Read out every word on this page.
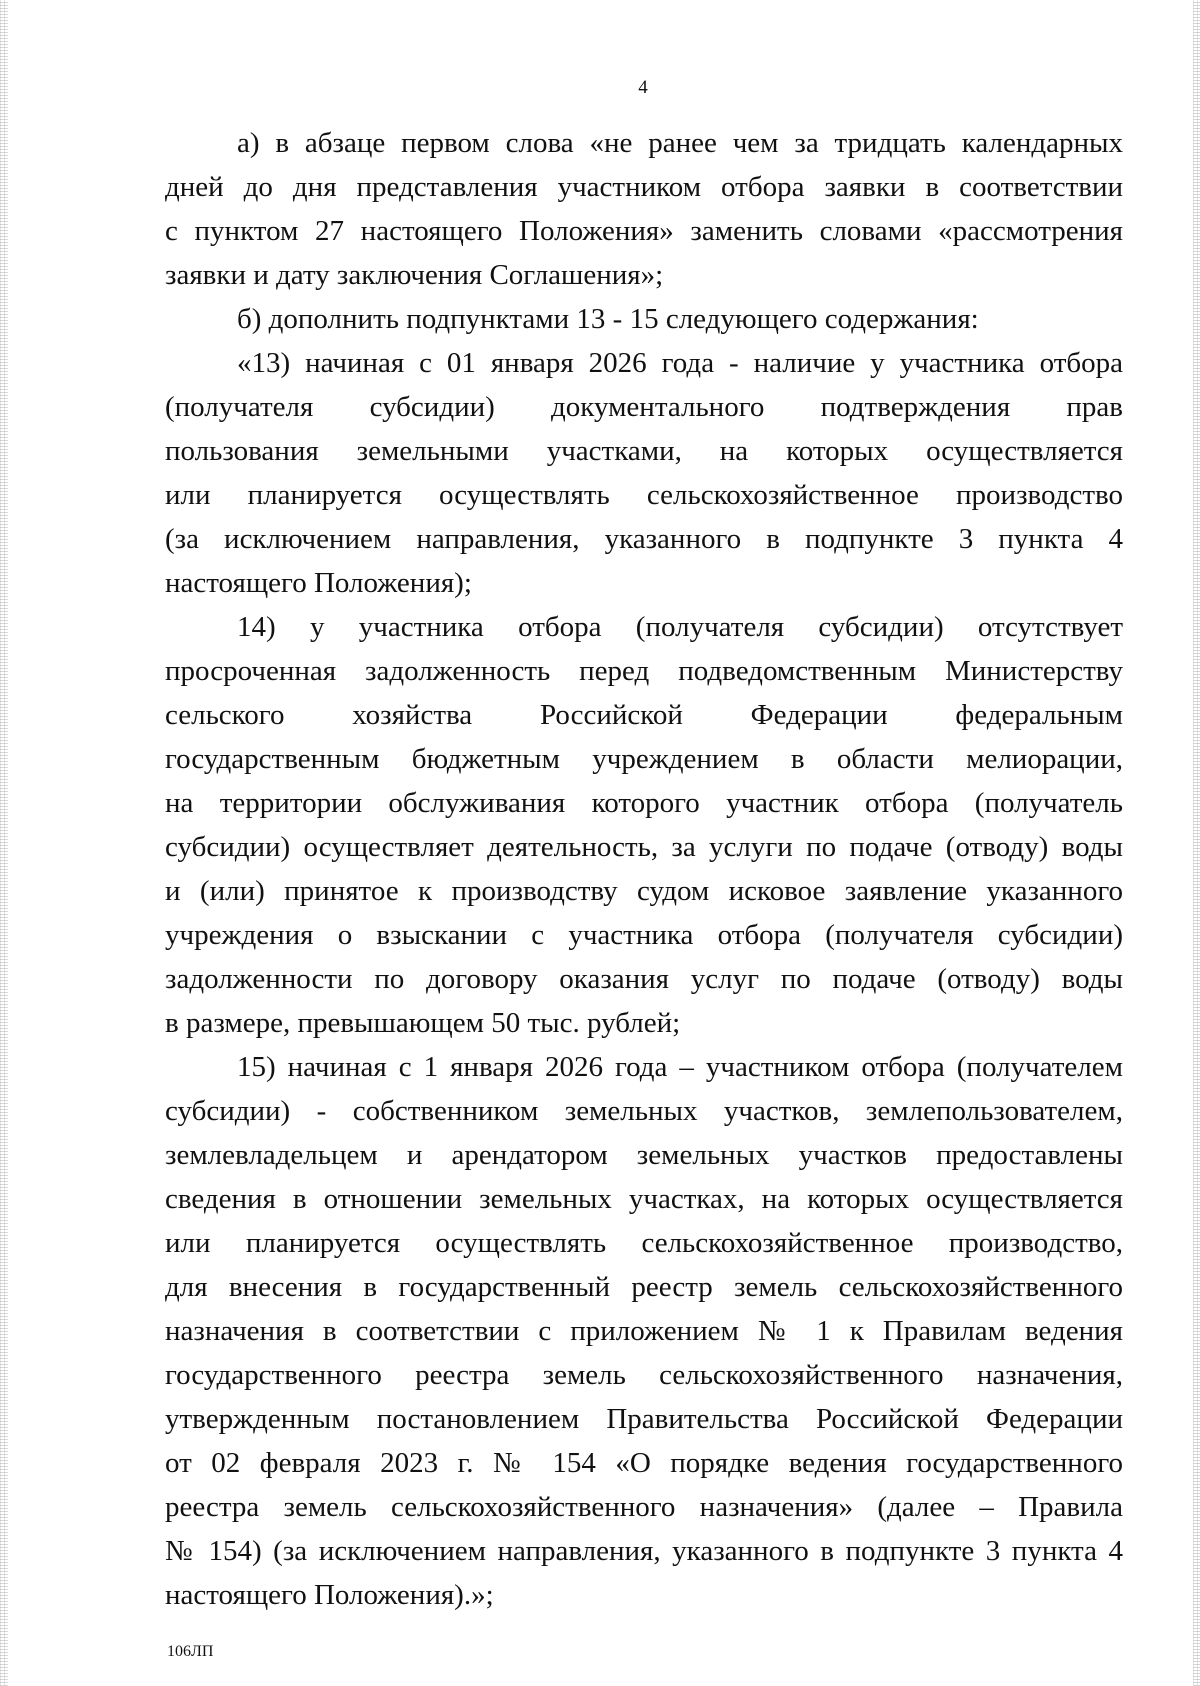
4
а) в абзаце первом слова «не ранее чем за тридцать календарных
дней до дня представления участником отбора заявки в соответствии
с пунктом 27 настоящего Положения» заменить словами «рассмотрения
заявки и дату заключения Соглашения»;
б) дополнить подпунктами 13 - 15 следующего содержания:
«13) начиная с 01 января 2026 года - наличие у участника отбора
(получателя субсидии) документального подтверждения прав
пользования земельными участками, на которых осуществляется
или планируется осуществлять сельскохозяйственное производство
(за исключением направления, указанного в подпункте 3 пункта 4
настоящего Положения);
14) у участника отбора (получателя субсидии) отсутствует
просроченная задолженность перед подведомственным Министерству
сельского хозяйства Российской Федерации федеральным
государственным бюджетным учреждением в области мелиорации,
на территории обслуживания которого участник отбора (получатель
субсидии) осуществляет деятельность, за услуги по подаче (отводу) воды
и (или) принятое к производству судом исковое заявление указанного
учреждения о взыскании с участника отбора (получателя субсидии)
задолженности по договору оказания услуг по подаче (отводу) воды
в размере, превышающем 50 тыс. рублей;
15) начиная с 1 января 2026 года – участником отбора (получателем
субсидии) - собственником земельных участков, землепользователем,
землевладельцем и арендатором земельных участков предоставлены
сведения в отношении земельных участках, на которых осуществляется
или планируется осуществлять сельскохозяйственное производство,
для внесения в государственный реестр земель сельскохозяйственного
назначения в соответствии с приложением № 1 к Правилам ведения
государственного реестра земель сельскохозяйственного назначения,
утвержденным постановлением Правительства Российской Федерации
от 02 февраля 2023 г. № 154 «О порядке ведения государственного
реестра земель сельскохозяйственного назначения» (далее – Правила
№ 154) (за исключением направления, указанного в подпункте 3 пункта 4
настоящего Положения).»;
106ЛП
